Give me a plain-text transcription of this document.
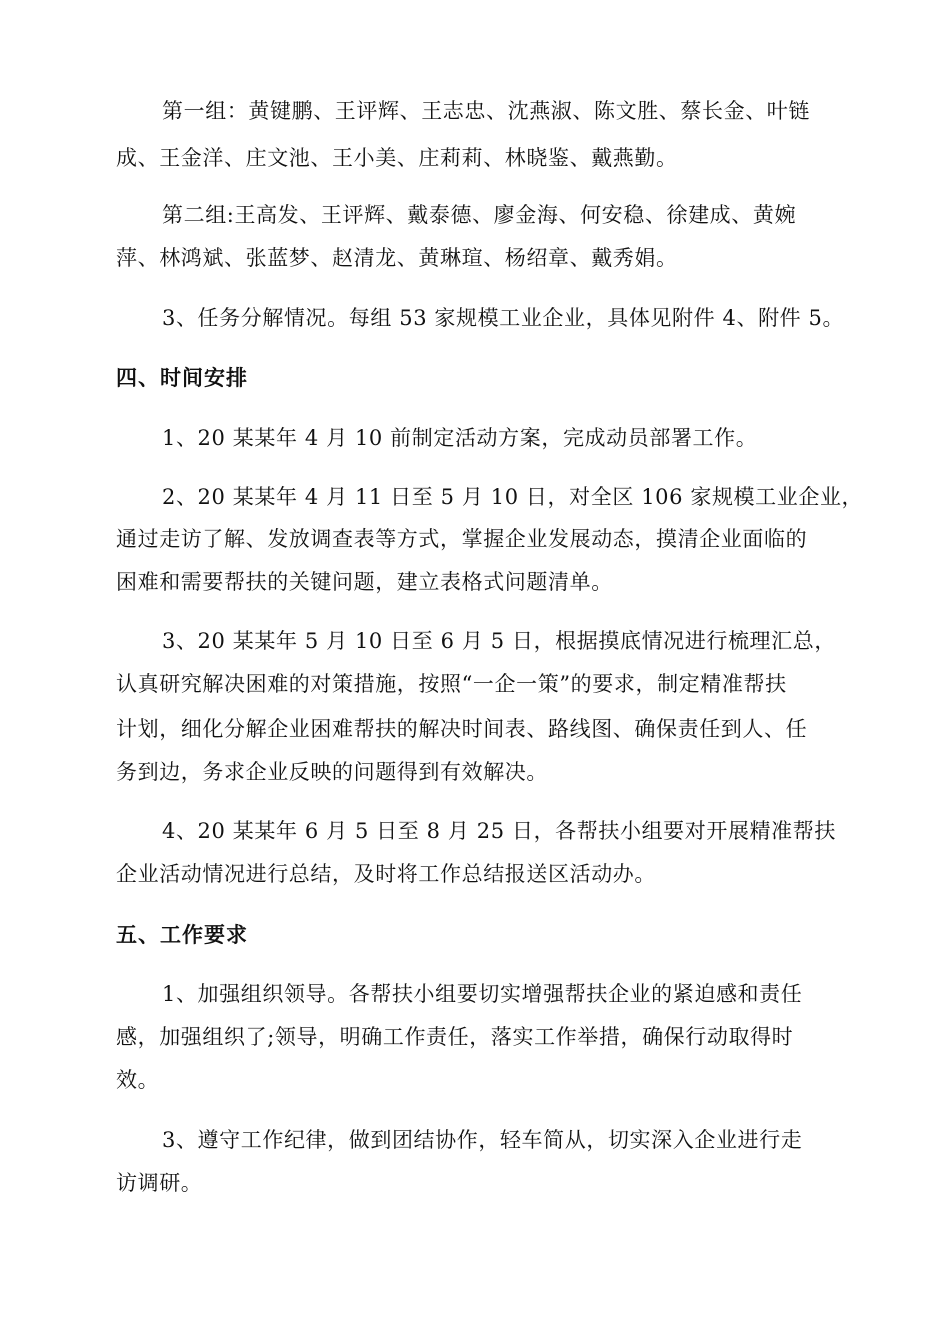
第一组：黄键鹏、王评辉、王志忠、沈燕淑、陈文胜、蔡长金、叶链
成、王金洋、庄文池、王小美、庄莉莉、林晓鉴、戴燕勤。
第二组:王高发、王评辉、戴泰德、廖金海、何安稳、徐建成、黄婉
萍、林鸿斌、张蓝梦、赵清龙、黄琳瑄、杨绍章、戴秀娟。
3、任务分解情况。每组 53 家规模工业企业，具体见附件 4、附件 5。
四、时间安排
1、20 某某年 4 月 10 前制定活动方案，完成动员部署工作。
2、20 某某年 4 月 11 日至 5 月 10 日，对全区 106 家规模工业企业，
通过走访了解、发放调查表等方式，掌握企业发展动态，摸清企业面临的
困难和需要帮扶的关键问题，建立表格式问题清单。
3、20 某某年 5 月 10 日至 6 月 5 日，根据摸底情况进行梳理汇总，
认真研究解决困难的对策措施，按照“一企一策”的要求，制定精准帮扶
计划，细化分解企业困难帮扶的解决时间表、路线图、确保责任到人、任
务到边，务求企业反映的问题得到有效解决。
4、20 某某年 6 月 5 日至 8 月 25 日，各帮扶小组要对开展精准帮扶
企业活动情况进行总结，及时将工作总结报送区活动办。
五、工作要求
1、加强组织领导。各帮扶小组要切实增强帮扶企业的紧迫感和责任
感，加强组织了;领导，明确工作责任，落实工作举措，确保行动取得时
效。
3、遵守工作纪律，做到团结协作，轻车简从，切实深入企业进行走
访调研。
